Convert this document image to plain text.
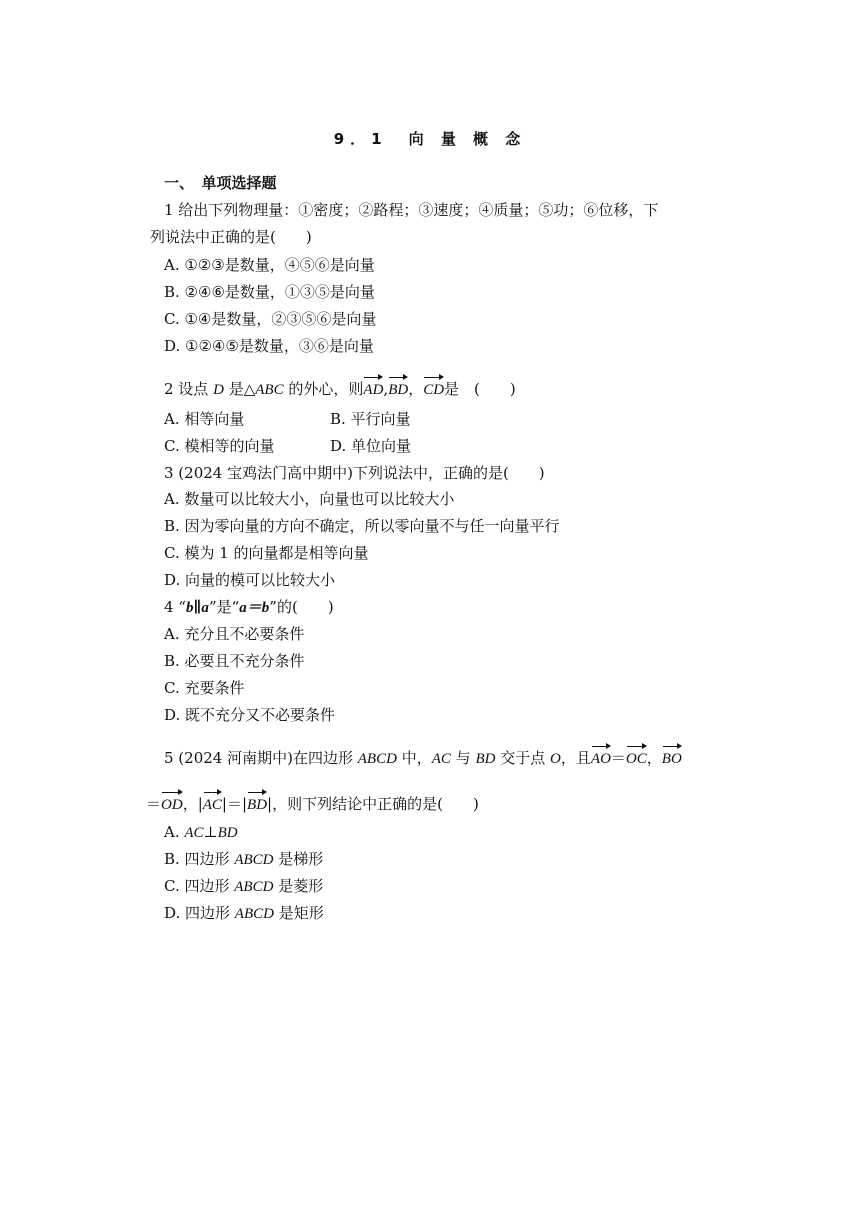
9．1　向 量 概 念
一、　单项选择题
1 给出下列物理量：①密度；②路程；③速度；④质量；⑤功；⑥位移，下
列说法中正确的是(　　)
A. ①②③是数量，④⑤⑥是向量
B. ②④⑥是数量，①③⑤是向量
C. ①④是数量，②③⑤⑥是向量
D. ①②④⑤是数量，③⑥是向量
2 设点 D 是△ABC 的外心，则AD,BD，CD是　(　　)
A. 相等向量	B. 平行向量
C. 模相等的向量	D. 单位向量
3 (2024 宝鸡法门高中期中)下列说法中，正确的是(　　)
A. 数量可以比较大小，向量也可以比较大小
B. 因为零向量的方向不确定，所以零向量不与任一向量平行
C. 模为 1 的向量都是相等向量
D. 向量的模可以比较大小
4 “b∥a”是“a＝b”的(　　)
A. 充分且不必要条件
B. 必要且不充分条件
C. 充要条件
D. 既不充分又不必要条件
5 (2024 河南期中)在四边形 ABCD 中，AC 与 BD 交于点 O，且AO＝OC，BO
＝OD，|AC|＝|BD|，则下列结论中正确的是(　　)
A. AC⊥BD
B. 四边形 ABCD 是梯形
C. 四边形 ABCD 是菱形
D. 四边形 ABCD 是矩形
